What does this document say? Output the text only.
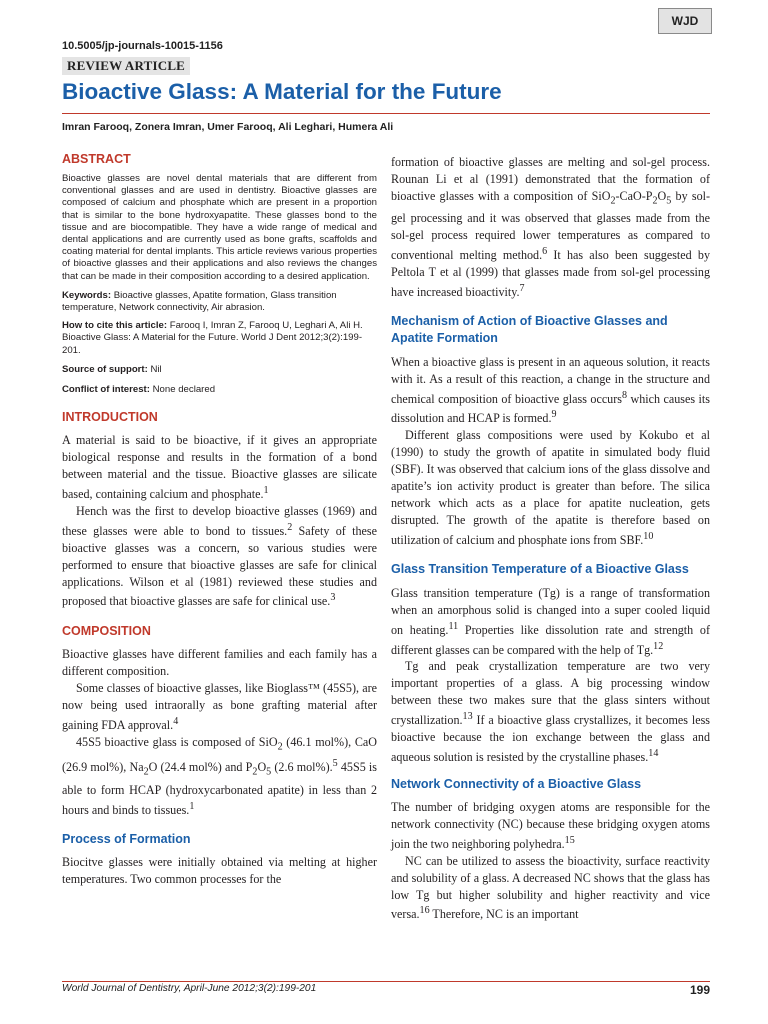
WJD
10.5005/jp-journals-10015-1156
REVIEW ARTICLE
Bioactive Glass: A Material for the Future
Imran Farooq, Zonera Imran, Umer Farooq, Ali Leghari, Humera Ali
ABSTRACT

Bioactive glasses are novel dental materials that are different from conventional glasses and are used in dentistry. Bioactive glasses are composed of calcium and phosphate which are present in a proportion that is similar to the bone hydroxyapatite. These glasses bond to the tissue and are biocompatible. They have a wide range of medical and dental applications and are currently used as bone grafts, scaffolds and coating material for dental implants. This article reviews various properties of bioactive glasses and their applications and also reviews the changes that can be made in their composition according to a desired application.

Keywords: Bioactive glasses, Apatite formation, Glass transition temperature, Network connectivity, Air abrasion.

How to cite this article: Farooq I, Imran Z, Farooq U, Leghari A, Ali H. Bioactive Glass: A Material for the Future. World J Dent 2012;3(2):199-201.

Source of support: Nil

Conflict of interest: None declared

INTRODUCTION

A material is said to be bioactive, if it gives an appropriate biological response and results in the formation of a bond between material and the tissue. Bioactive glasses are silicate based, containing calcium and phosphate.$^1$

Hench was the first to develop bioactive glasses (1969) and these glasses were able to bond to tissues.$^2$ Safety of these bioactive glasses was a concern, so various studies were performed to ensure that bioactive glasses are safe for clinical applications. Wilson et al (1981) reviewed these studies and proposed that bioactive glasses are safe for clinical use.$^3$

COMPOSITION

Bioactive glasses have different families and each family has a different composition.

Some classes of bioactive glasses, like Bioglass™ (45S5), are now being used intraorally as bone grafting material after gaining FDA approval.$^4$

45S5 bioactive glass is composed of SiO$_2$ (46.1 mol%), CaO (26.9 mol%), $Na_2O$ (24.4 mol%) and $P_2O_5$ (2.6 mol%).$^5$ 45S5 is able to form HCAP (hydroxycarbonated apatite) in less than 2 hours and binds to tissues.$^1$

Process of Formation

Biocitve glasses were initially obtained via melting at higher temperatures. Two common processes for the

formation of bioactive glasses are melting and sol-gel process. Rounan Li et al (1991) demonstrated that the formation of bioactive glasses with a composition of $SiO_2-CaO-P_2O_5$ by sol-gel processing and it was observed that glasses made from the sol-gel process required lower temperatures as compared to conventional melting method.$^6$ It has also been suggested by Peltola T et al (1999) that glasses made from sol-gel processing have increased bioactivity.$^7$

Mechanism of Action of Bioactive Glasses and Apatite Formation

When a bioactive glass is present in an aqueous solution, it reacts with it. As a result of this reaction, a change in the structure and chemical composition of bioactive glass occurs$^8$ which causes its dissolution and HCAP is formed.$^9$

Different glass compositions were used by Kokubo et al (1990) to study the growth of apatite in simulated body fluid (SBF). It was observed that calcium ions of the glass dissolve and apatite’s ion activity product is greater than before. The silica network which acts as a place for apatite nucleation, gets disrupted. The growth of the apatite is therefore based on utilization of calcium and phosphate ions from SBF.$^{10}$

Glass Transition Temperature of a Bioactive Glass

Glass transition temperature (Tg) is a range of transformation when an amorphous solid is changed into a super cooled liquid on heating.$^{11}$ Properties like dissolution rate and strength of different glasses can be compared with the help of Tg.$^{12}$

Tg and peak crystallization temperature are two very important properties of a glass. A big processing window between these two makes sure that the glass sinters without crystallization.$^{13}$ If a bioactive glass crystallizes, it becomes less bioactive because the ion exchange between the glass and aqueous solution is resisted by the crystalline phases.$^{14}$

Network Connectivity of a Bioactive Glass

The number of bridging oxygen atoms are responsible for the network connectivity (NC) because these bridging oxygen atoms join the two neighboring polyhedra.$^{15}$

NC can be utilized to assess the bioactivity, surface reactivity and solubility of a glass. A decreased NC shows that the glass has low Tg but higher solubility and higher reactivity and vice versa.$^{16}$ Therefore, NC is an important

World Journal of Dentistry, April-June 2012;3(2):199-201	199
